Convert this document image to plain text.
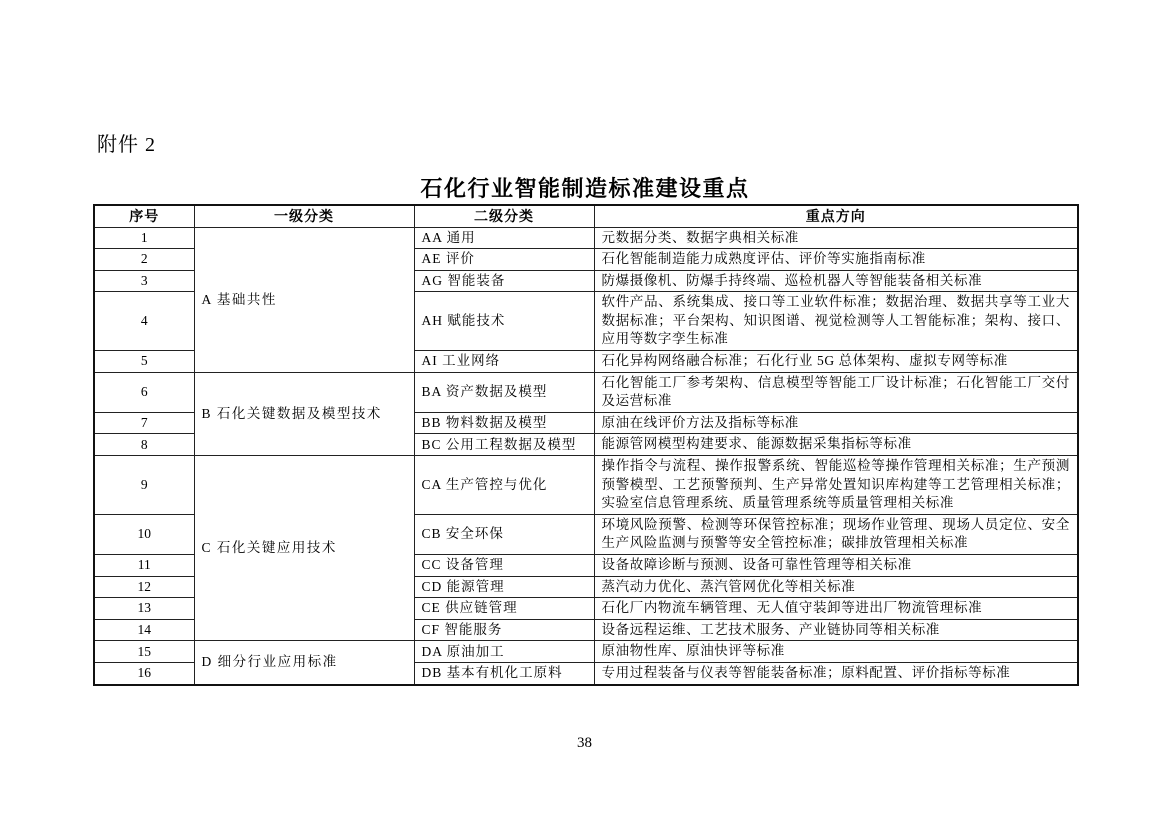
附件 2
石化行业智能制造标准建设重点
序号	一级分类	二级分类	重点方向
1	A 基础共性	AA 通用	元数据分类、数据字典相关标准
2		AE 评价	石化智能制造能力成熟度评估、评价等实施指南标准
3		AG 智能装备	防爆摄像机、防爆手持终端、巡检机器人等智能装备相关标准
4		AH 赋能技术	软件产品、系统集成、接口等工业软件标准；数据治理、数据共享等工业大数据标准；平台架构、知识图谱、视觉检测等人工智能标准；架构、接口、应用等数字孪生标准
5		AI 工业网络	石化异构网络融合标准；石化行业 5G 总体架构、虚拟专网等标准
6	B 石化关键数据及模型技术	BA 资产数据及模型	石化智能工厂参考架构、信息模型等智能工厂设计标准；石化智能工厂交付及运营标准
7		BB 物料数据及模型	原油在线评价方法及指标等标准
8		BC 公用工程数据及模型	能源管网模型构建要求、能源数据采集指标等标准
9	C 石化关键应用技术	CA 生产管控与优化	操作指令与流程、操作报警系统、智能巡检等操作管理相关标准；生产预测预警模型、工艺预警预判、生产异常处置知识库构建等工艺管理相关标准；实验室信息管理系统、质量管理系统等质量管理相关标准
10		CB 安全环保	环境风险预警、检测等环保管控标准；现场作业管理、现场人员定位、安全生产风险监测与预警等安全管控标准；碳排放管理相关标准
11		CC 设备管理	设备故障诊断与预测、设备可靠性管理等相关标准
12		CD 能源管理	蒸汽动力优化、蒸汽管网优化等相关标准
13		CE 供应链管理	石化厂内物流车辆管理、无人值守装卸等进出厂物流管理标准
14		CF 智能服务	设备远程运维、工艺技术服务、产业链协同等相关标准
15	D 细分行业应用标准	DA 原油加工	原油物性库、原油快评等标准
16		DB 基本有机化工原料	专用过程装备与仪表等智能装备标准；原料配置、评价指标等标准
38
